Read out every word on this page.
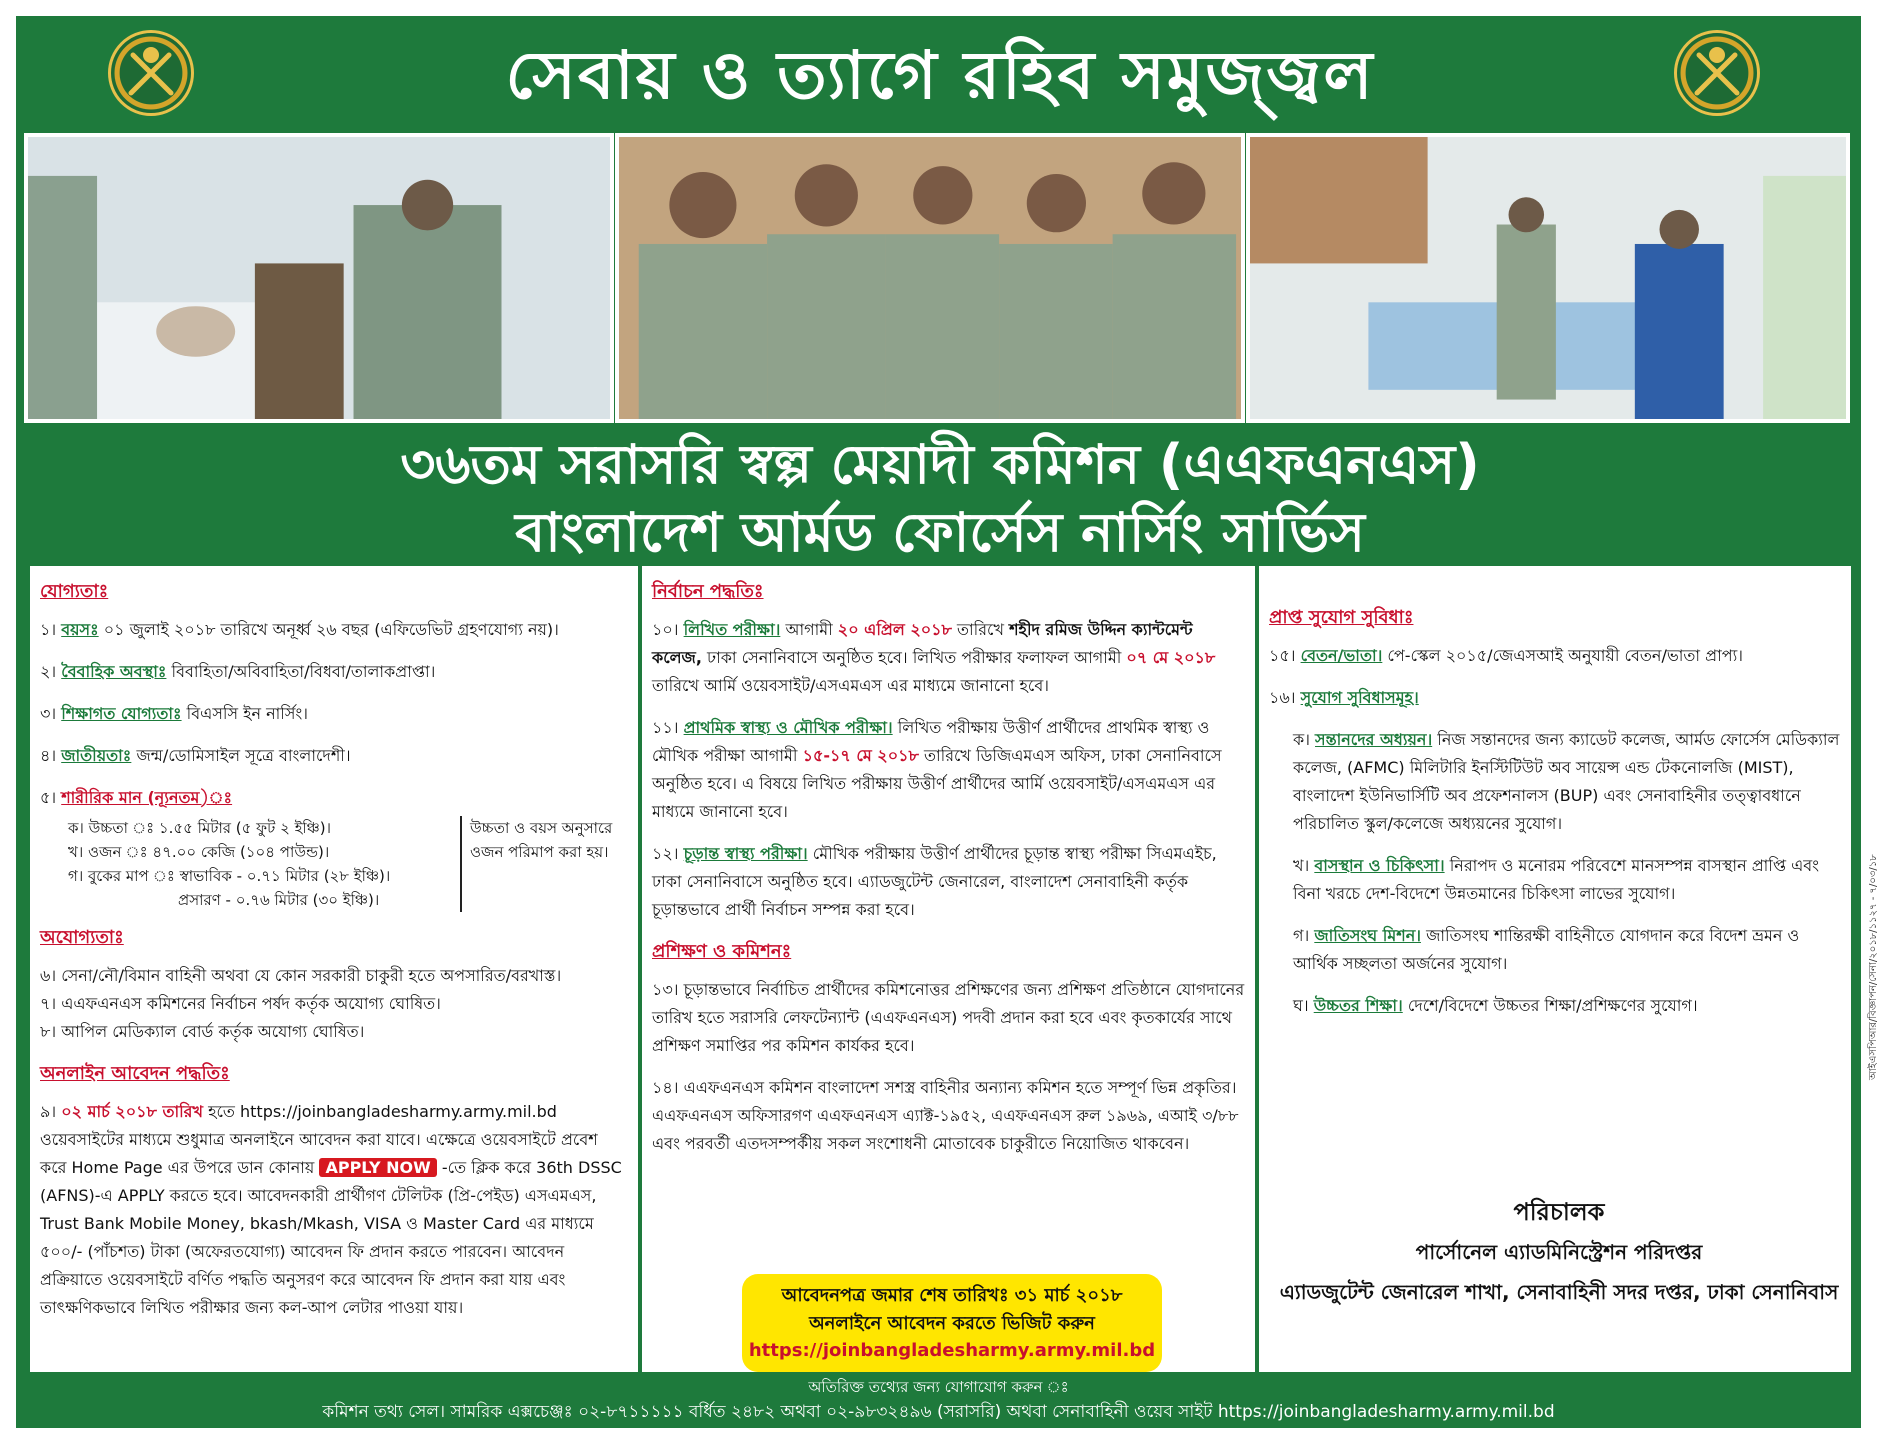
সেবায় ও ত্যাগে রহিব সমুজ্জ্বল
৩৬তম সরাসরি স্বল্প মেয়াদী কমিশন (এএফএনএস)
বাংলাদেশ আর্মড ফোর্সেস নার্সিং সার্ভিস
যোগ্যতাঃ
১। বয়সঃ ০১ জুলাই ২০১৮ তারিখে অনূর্ধ্ব ২৬ বছর (এফিডেভিট গ্রহণযোগ্য নয়)।
২। বৈবাহিক অবস্থাঃ বিবাহিতা/অবিবাহিতা/বিধবা/তালাকপ্রাপ্তা।
৩। শিক্ষাগত যোগ্যতাঃ বিএসসি ইন নার্সিং।
৪। জাতীয়তাঃ জন্ম/ডোমিসাইল সূত্রে বাংলাদেশী।
৫। শারীরিক মান (ন্যূনতম)ঃ
ক। উচ্চতা ঃ ১.৫৫ মিটার (৫ ফুট ২ ইঞ্চি)।
খ। ওজন ঃ ৪৭.০০ কেজি (১০৪ পাউন্ড)।
গ। বুকের মাপ ঃ স্বাভাবিক - ০.৭১ মিটার (২৮ ইঞ্চি)।
প্রসারণ - ০.৭৬ মিটার (৩০ ইঞ্চি)।
উচ্চতা ও বয়স অনুসারে ওজন পরিমাপ করা হয়।
অযোগ্যতাঃ
৬। সেনা/নৌ/বিমান বাহিনী অথবা যে কোন সরকারী চাকুরী হতে অপসারিত/বরখাস্ত।
৭। এএফএনএস কমিশনের নির্বাচন পর্ষদ কর্তৃক অযোগ্য ঘোষিত।
৮। আপিল মেডিক্যাল বোর্ড কর্তৃক অযোগ্য ঘোষিত।
অনলাইন আবেদন পদ্ধতিঃ
৯। ০২ মার্চ ২০১৮ তারিখ হতে https://joinbangladesharmy.army.mil.bd ওয়েবসাইটের মাধ্যমে শুধুমাত্র অনলাইনে আবেদন করা যাবে। এক্ষেত্রে ওয়েবসাইটে প্রবেশ করে Home Page এর উপরে ডান কোনায় APPLY NOW -তে ক্লিক করে 36th DSSC (AFNS)-এ APPLY করতে হবে। আবেদনকারী প্রার্থীগণ টেলিটক (প্রি-পেইড) এসএমএস, Trust Bank Mobile Money, bkash/Mkash, VISA ও Master Card এর মাধ্যমে ৫০০/- (পাঁচশত) টাকা (অফেরতযোগ্য) আবেদন ফি প্রদান করতে পারবেন। আবেদন প্রক্রিয়াতে ওয়েবসাইটে বর্ণিত পদ্ধতি অনুসরণ করে আবেদন ফি প্রদান করা যায় এবং তাৎক্ষণিকভাবে লিখিত পরীক্ষার জন্য কল-আপ লেটার পাওয়া যায়।
নির্বাচন পদ্ধতিঃ
১০। লিখিত পরীক্ষা। আগামী ২০ এপ্রিল ২০১৮ তারিখে শহীদ রমিজ উদ্দিন ক্যান্টমেন্ট কলেজ, ঢাকা সেনানিবাসে অনুষ্ঠিত হবে। লিখিত পরীক্ষার ফলাফল আগামী ০৭ মে ২০১৮ তারিখে আর্মি ওয়েবসাইট/এসএমএস এর মাধ্যমে জানানো হবে।
১১। প্রাথমিক স্বাস্থ্য ও মৌখিক পরীক্ষা। লিখিত পরীক্ষায় উত্তীর্ণ প্রার্থীদের প্রাথমিক স্বাস্থ্য ও মৌখিক পরীক্ষা আগামী ১৫-১৭ মে ২০১৮ তারিখে ডিজিএমএস অফিস, ঢাকা সেনানিবাসে অনুষ্ঠিত হবে। এ বিষয়ে লিখিত পরীক্ষায় উত্তীর্ণ প্রার্থীদের আর্মি ওয়েবসাইট/এসএমএস এর মাধ্যমে জানানো হবে।
১২। চূড়ান্ত স্বাস্থ্য পরীক্ষা। মৌখিক পরীক্ষায় উত্তীর্ণ প্রার্থীদের চূড়ান্ত স্বাস্থ্য পরীক্ষা সিএমএইচ, ঢাকা সেনানিবাসে অনুষ্ঠিত হবে। এ্যাডজুটেন্ট জেনারেল, বাংলাদেশ সেনাবাহিনী কর্তৃক চূড়ান্তভাবে প্রার্থী নির্বাচন সম্পন্ন করা হবে।
প্রশিক্ষণ ও কমিশনঃ
১৩। চূড়ান্তভাবে নির্বাচিত প্রার্থীদের কমিশনোত্তর প্রশিক্ষণের জন্য প্রশিক্ষণ প্রতিষ্ঠানে যোগদানের তারিখ হতে সরাসরি লেফটেন্যান্ট (এএফএনএস) পদবী প্রদান করা হবে এবং কৃতকার্যের সাথে প্রশিক্ষণ সমাপ্তির পর কমিশন কার্যকর হবে।
১৪। এএফএনএস কমিশন বাংলাদেশ সশস্ত্র বাহিনীর অন্যান্য কমিশন হতে সম্পূর্ণ ভিন্ন প্রকৃতির। এএফএনএস অফিসারগণ এএফএনএস এ্যাক্ট-১৯৫২, এএফএনএস রুল ১৯৬৯, এআই ৩/৮৮ এবং পরবর্তী এতদসম্পর্কীয় সকল সংশোধনী মোতাবেক চাকুরীতে নিয়োজিত থাকবেন।
আবেদনপত্র জমার শেষ তারিখঃ ৩১ মার্চ ২০১৮
অনলাইনে আবেদন করতে ভিজিট করুন
https://joinbangladesharmy.army.mil.bd
প্রাপ্ত সুযোগ সুবিধাঃ
১৫। বেতন/ভাতা। পে-স্কেল ২০১৫/জেএসআই অনুযায়ী বেতন/ভাতা প্রাপ্য।
১৬। সুযোগ সুবিধাসমূহ।
ক। সন্তানদের অধ্যয়ন। নিজ সন্তানদের জন্য ক্যাডেট কলেজ, আর্মড ফোর্সেস মেডিক্যাল কলেজ, (AFMC) মিলিটারি ইনস্টিটিউট অব সায়েন্স এন্ড টেকনোলজি (MIST), বাংলাদেশ ইউনিভার্সিটি অব প্রফেশনালস (BUP) এবং সেনাবাহিনীর তত্ত্বাবধানে পরিচালিত স্কুল/কলেজে অধ্যয়নের সুযোগ।
খ। বাসস্থান ও চিকিৎসা। নিরাপদ ও মনোরম পরিবেশে মানসম্পন্ন বাসস্থান প্রাপ্তি এবং বিনা খরচে দেশ-বিদেশে উন্নতমানের চিকিৎসা লাভের সুযোগ।
গ। জাতিসংঘ মিশন। জাতিসংঘ শান্তিরক্ষী বাহিনীতে যোগদান করে বিদেশ ভ্রমন ও আর্থিক সচ্ছলতা অর্জনের সুযোগ।
ঘ। উচ্চতর শিক্ষা। দেশে/বিদেশে উচ্চতর শিক্ষা/প্রশিক্ষণের সুযোগ।
পরিচালক
পার্সোনেল এ্যাডমিনিস্ট্রেশন পরিদপ্তর
এ্যাডজুটেন্ট জেনারেল শাখা, সেনাবাহিনী সদর দপ্তর, ঢাকা সেনানিবাস
আইএসপিআর/বিজ্ঞাপন/সেনা/২০১৮/১১২৭ - ৭/০৩/১৮
অতিরিক্ত তথ্যের জন্য যোগাযোগ করুন ঃ
কমিশন তথ্য সেল। সামরিক এক্সচেঞ্জঃ ০২-৮৭১১১১১ বর্ধিত ২৪৮২ অথবা ০২-৯৮৩২৪৯৬ (সরাসরি) অথবা সেনাবাহিনী ওয়েব সাইট https://joinbangladesharmy.army.mil.bd
